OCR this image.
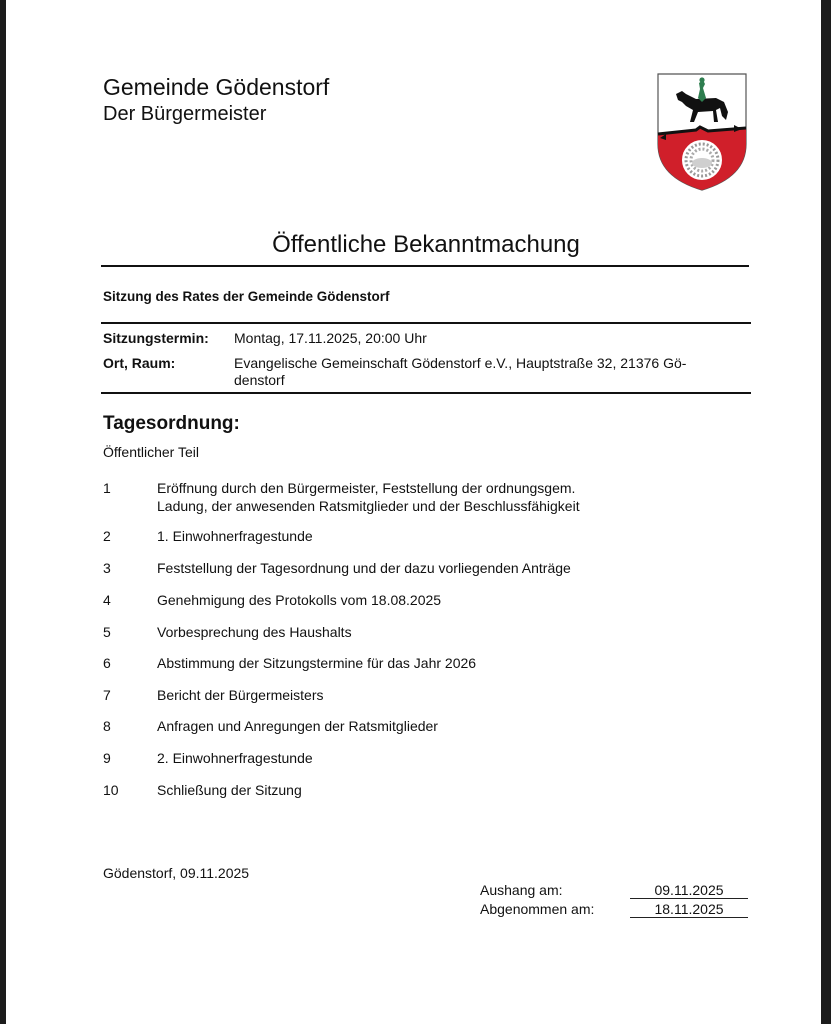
Gemeinde Gödenstorf
Der Bürgermeister
Öffentliche Bekanntmachung
Sitzung des Rates der Gemeinde Gödenstorf
Sitzungstermin: Montag, 17.11.2025, 20:00 Uhr
Ort, Raum:	Evangelische Gemeinschaft Gödenstorf e.V., Hauptstraße 32, 21376 Gö-
denstorf
Tagesordnung:
Öffentlicher Teil
1	Eröffnung durch den Bürgermeister, Feststellung der ordnungsgem.
Ladung, der anwesenden Ratsmitglieder und der Beschlussfähigkeit
2	1. Einwohnerfragestunde
3	Feststellung der Tagesordnung und der dazu vorliegenden Anträge
4	Genehmigung des Protokolls vom 18.08.2025
5	Vorbesprechung des Haushalts
6	Abstimmung der Sitzungstermine für das Jahr 2026
7	Bericht der Bürgermeisters
8	Anfragen und Anregungen der Ratsmitglieder
9	2. Einwohnerfragestunde
10	Schließung der Sitzung
Gödenstorf, 09.11.2025
Aushang am:	09.11.2025
Abgenommen am:	18.11.2025
